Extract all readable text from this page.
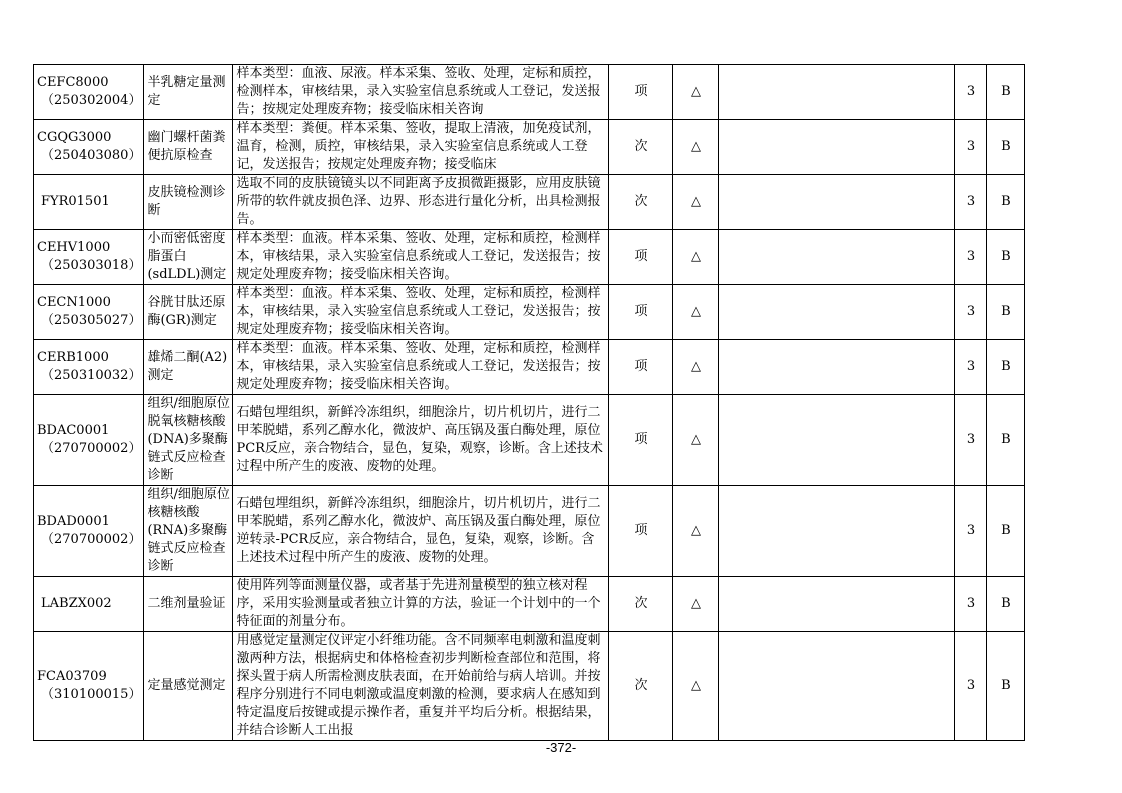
CEFC8000
（250302004）	半乳糖定量测定	样本类型：血液、尿液。样本采集、签收、处理，定标和质控，检测样本，审核结果，录入实验室信息系统或人工登记，发送报告；按规定处理废弃物；接受临床相关咨询	项	△		3	B

CGQG3000
（250403080）	幽门螺杆菌粪便抗原检查	样本类型：粪便。样本采集、签收，提取上清液，加免疫试剂，温育，检测，质控，审核结果，录入实验室信息系统或人工登记，发送报告；按规定处理废弃物；接受临床	次	△		3	B

FYR01501	皮肤镜检测诊断	选取不同的皮肤镜镜头以不同距离予皮损微距摄影，应用皮肤镜所带的软件就皮损色泽、边界、形态进行量化分析，出具检测报告。	次	△		3	B

CEHV1000
（250303018）	小而密低密度脂蛋白(sdLDL)测定	样本类型：血液。样本采集、签收、处理，定标和质控，检测样本，审核结果，录入实验室信息系统或人工登记，发送报告；按规定处理废弃物；接受临床相关咨询。	项	△		3	B

CECN1000
（250305027）	谷胱甘肽还原酶(GR)测定	样本类型：血液。样本采集、签收、处理，定标和质控，检测样本，审核结果，录入实验室信息系统或人工登记，发送报告；按规定处理废弃物；接受临床相关咨询。	项	△		3	B

CERB1000
（250310032）	雄烯二酮(A2)测定	样本类型：血液。样本采集、签收、处理，定标和质控，检测样本，审核结果，录入实验室信息系统或人工登记，发送报告；按规定处理废弃物；接受临床相关咨询。	项	△		3	B

BDAC0001
（270700002）	组织/细胞原位脱氧核糖核酸(DNA)多聚酶链式反应检查诊断	石蜡包埋组织，新鲜冷冻组织，细胞涂片，切片机切片，进行二甲苯脱蜡，系列乙醇水化，微波炉、高压锅及蛋白酶处理，原位PCR反应，亲合物结合，显色，复染，观察，诊断。含上述技术过程中所产生的废液、废物的处理。	项	△		3	B

BDAD0001
（270700002）	组织/细胞原位核糖核酸(RNA)多聚酶链式反应检查诊断	石蜡包埋组织，新鲜冷冻组织，细胞涂片，切片机切片，进行二甲苯脱蜡，系列乙醇水化，微波炉、高压锅及蛋白酶处理，原位逆转录-PCR反应，亲合物结合，显色，复染，观察，诊断。含上述技术过程中所产生的废液、废物的处理。	项	△		3	B

LABZX002	二维剂量验证	使用阵列等面测量仪器，或者基于先进剂量模型的独立核对程序，采用实验测量或者独立计算的方法，验证一个计划中的一个特征面的剂量分布。	次	△		3	B

FCA03709
（310100015）	定量感觉测定	用感觉定量测定仪评定小纤维功能。含不同频率电刺激和温度刺激两种方法，根据病史和体格检查初步判断检查部位和范围，将探头置于病人所需检测皮肤表面，在开始前给与病人培训。并按程序分别进行不同电刺激或温度刺激的检测，要求病人在感知到特定温度后按键或提示操作者，重复并平均后分析。根据结果，并结合诊断人工出报	次	△		3	B
-372-
